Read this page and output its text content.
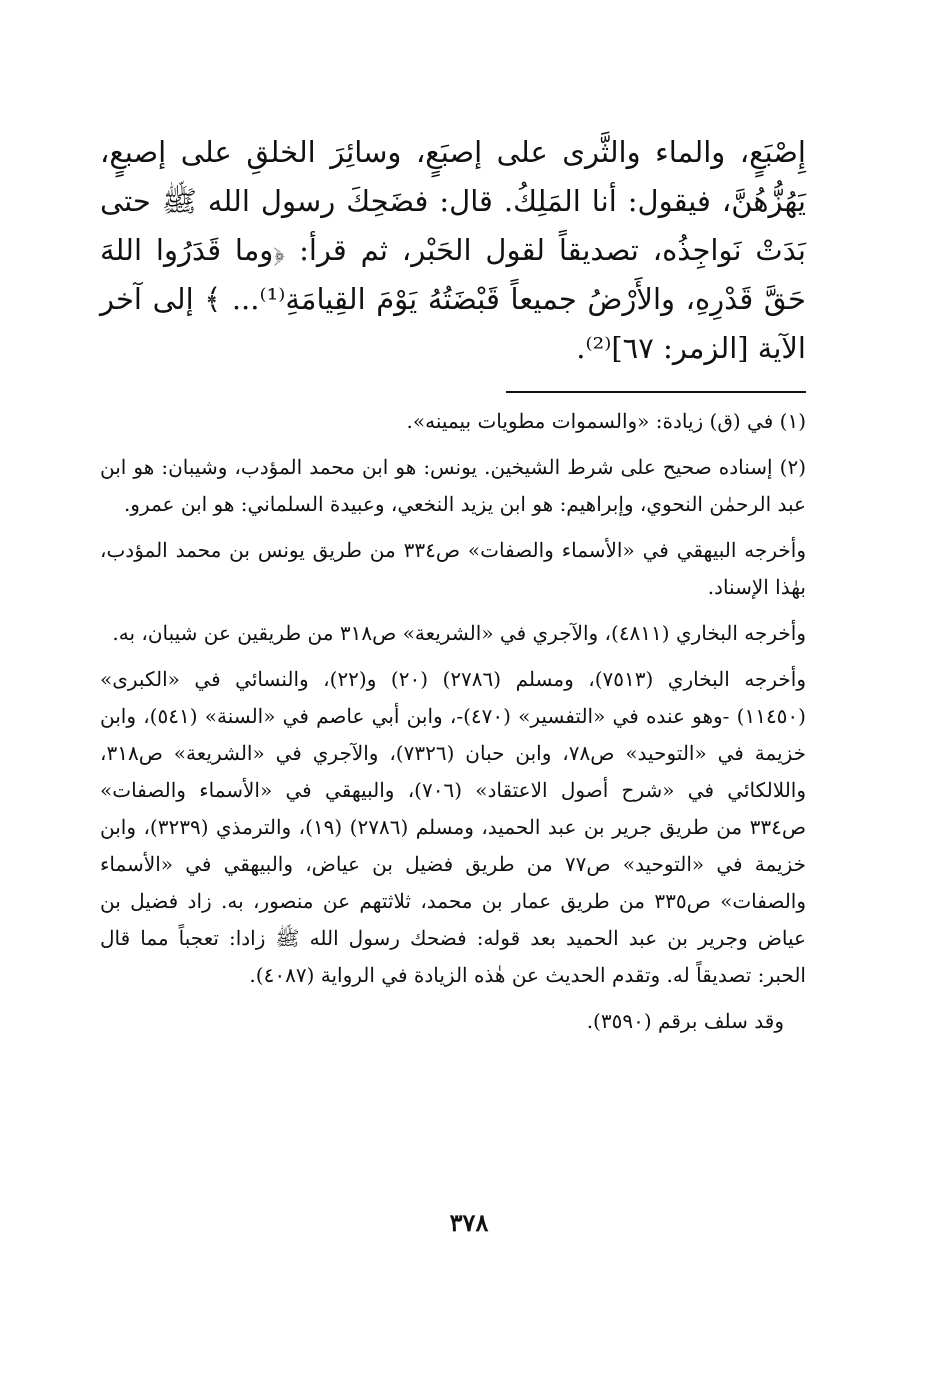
إِصْبَعٍ، والماء والثَّرى على إصبَعٍ، وسائِرَ الخلقِ على إصبعٍ، يَهُزُّهُنَّ، فيقول: أنا المَلِكُ. قال: فضَحِكَ رسول الله ﷺ حتى بَدَتْ نَواجِذُه، تصديقاً لقول الحَبْر، ثم قرأ: ﴿وما قَدَرُوا اللهَ حَقَّ قَدْرِهِ، والأَرْضُ جميعاً قَبْضَتُهُ يَوْمَ القِيامَةِ⁽¹⁾... ﴾ إلى آخر الآية [الزمر: ٦٧]⁽²⁾.

(١) في (ق) زيادة: «والسموات مطويات بيمينه».

(٢) إسناده صحيح على شرط الشيخين. يونس: هو ابن محمد المؤدب، وشيبان: هو ابن عبد الرحمٰن النحوي، وإبراهيم: هو ابن يزيد النخعي، وعبيدة السلماني: هو ابن عمرو.

وأخرجه البيهقي في «الأسماء والصفات» ص٣٣٤ من طريق يونس بن محمد المؤدب، بهٰذا الإسناد.

وأخرجه البخاري (٤٨١١)، والآجري في «الشريعة» ص٣١٨ من طريقين عن شيبان، به.

وأخرجه البخاري (٧٥١٣)، ومسلم (٢٧٨٦) (٢٠) و(٢٢)، والنسائي في «الكبرى» (١١٤٥٠) -وهو عنده في «التفسير» (٤٧٠)-، وابن أبي عاصم في «السنة» (٥٤١)، وابن خزيمة في «التوحيد» ص٧٨، وابن حبان (٧٣٢٦)، والآجري في «الشريعة» ص٣١٨، واللالكائي في «شرح أصول الاعتقاد» (٧٠٦)، والبيهقي في «الأسماء والصفات» ص٣٣٤ من طريق جرير بن عبد الحميد، ومسلم (٢٧٨٦) (١٩)، والترمذي (٣٢٣٩)، وابن خزيمة في «التوحيد» ص٧٧ من طريق فضيل بن عياض، والبيهقي في «الأسماء والصفات» ص٣٣٥ من طريق عمار بن محمد، ثلاثتهم عن منصور، به. زاد فضيل بن عياض وجرير بن عبد الحميد بعد قوله: فضحك رسول الله ﷺ زادا: تعجباً مما قال الحبر: تصديقاً له. وتقدم الحديث عن هٰذه الزيادة في الرواية (٤٠٨٧).

وقد سلف برقم (٣٥٩٠).

٣٧٨
